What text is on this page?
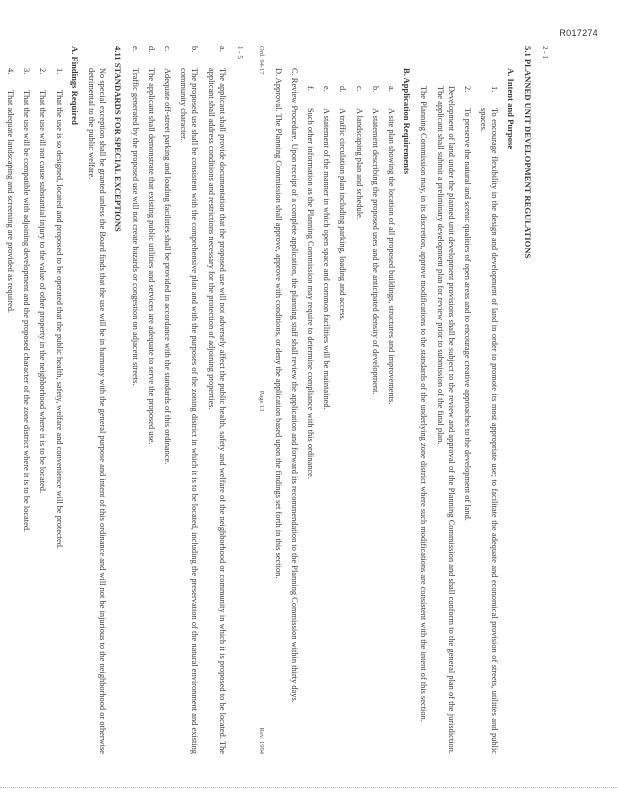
R017274
1 - 5
a.
The applicant shall provide documentation that the proposed use will not adversely affect the public health, safety and welfare of the neighborhood or community in which it is proposed to be located. The applicant shall address conditions and restrictions necessary for the protection of adjoining properties.
b.
The proposed use shall be consistent with the comprehensive plan and with the purposes of the zoning district in which it is to be located, including the preservation of the natural environment and existing community character.
c.
Adequate off-street parking and loading facilities shall be provided in accordance with the standards of this ordinance.
d.
The applicant shall demonstrate that existing public utilities and services are adequate to serve the proposed use.
e.
Traffic generated by the proposed use will not create hazards or congestion on adjacent streets.
4.11 STANDARDS FOR SPECIAL EXCEPTIONS

No special exception shall be granted unless the Board finds that the use will be in harmony with the general purpose and intent of this ordinance and will not be injurious to the neighborhood or otherwise detrimental to the public welfare.

A. Findings Required
1.
That the use is so designed, located and proposed to be operated that the public health, safety, welfare and convenience will be protected.
2.
That the use will not cause substantial injury to the value of other property in the neighborhood where it is to be located.
3.
That the use will be compatible with adjoining development and the proposed character of the zone district where it is to be located.
4.
That adequate landscaping and screening are provided as required.

2 - 1
5.1 PLANNED UNIT DEVELOPMENT REGULATIONS
A. Intent and Purpose
1.
To encourage flexibility in the design and development of land in order to promote its most appropriate use; to facilitate the adequate and economical provision of streets, utilities and public spaces.
2.
To preserve the natural and scenic qualities of open areas and to encourage creative approaches to the development of land.

Development of land under the planned unit development provisions shall be subject to the review and approval of the Planning Commission and shall conform to the general plan of the jurisdiction. The applicant shall submit a preliminary development plan for review prior to submission of the final plan.

The Planning Commission may, in its discretion, approve modifications to the standards of the underlying zone district where such modifications are consistent with the intent of this section.

B. Application Requirements
a.
A site plan showing the location of all proposed buildings, structures and improvements.
b.
A statement describing the proposed uses and the anticipated density of development.
c.
A landscaping plan and schedule.
d.
A traffic circulation plan including parking, loading and access.
e.
A statement of the manner in which open space and common facilities will be maintained.
f.
Such other information as the Planning Commission may require to determine compliance with this ordinance.

C. Review Procedure. Upon receipt of a complete application, the planning staff shall review the application and forward its recommendation to the Planning Commission within thirty days.

D. Approval. The Planning Commission shall approve, approve with conditions, or deny the application based upon the findings set forth in this section.

Ord. 94-17
Page 13
Rev. 1994
